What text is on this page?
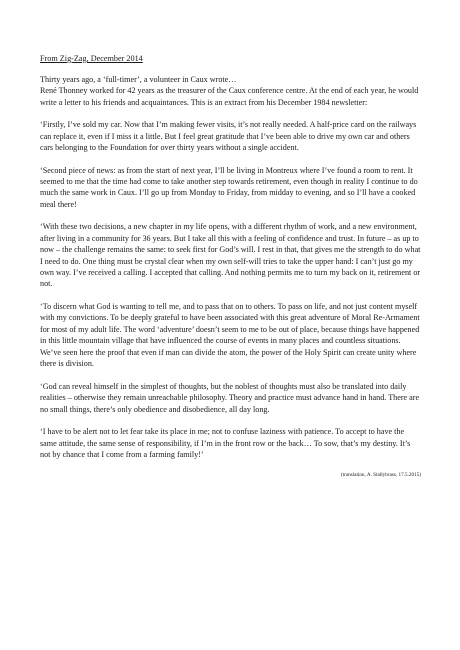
From Zig-Zag, December 2014
Thirty years ago, a ‘full-timer’, a volunteer in Caux wrote…
René Thonney worked for 42 years as the treasurer of the Caux conference centre. At the end of each year, he would write a letter to his friends and acquaintances. This is an extract from his December 1984 newsletter:
‘Firstly, I’ve sold my car. Now that I’m making fewer visits, it’s not really needed. A half-price card on the railways can replace it, even if I miss it a little. But I feel great gratitude that I’ve been able to drive my own car and others cars belonging to the Foundation for over thirty years without a single accident.
‘Second piece of news: as from the start of next year, I’ll be living in Montreux where I’ve found a room to rent. It seemed to me that the time had come to take another step towards retirement, even though in reality I continue to do much the same work in Caux. I’ll go up from Monday to Friday, from midday to evening, and so I’ll have a cooked meal there!
‘With these two decisions, a new chapter in my life opens, with a different rhythm of work, and a new environment, after living in a community for 36 years. But I take all this with a feeling of confidence and trust. In future – as up to now – the challenge remains the same: to seek first for God’s will. I rest in that, that gives me the strength to do what I need to do. One thing must be crystal clear when my own self-will tries to take the upper hand: I can’t just go my own way. I’ve received a calling. I accepted that calling. And nothing permits me to turn my back on it, retirement or not.
‘To discern what God is wanting to tell me, and to pass that on to others. To pass on life, and not just content myself with my convictions. To be deeply grateful to have been associated with this great adventure of Moral Re-Armament for most of my adult life. The word ‘adventure’ doesn’t seem to me to be out of place, because things have happened in this little mountain village that have influenced the course of events in many places and countless situations. We’ve seen here the proof that even if man can divide the atom, the power of the Holy Spirit can create unity where there is division.
‘God can reveal himself in the simplest of thoughts, but the noblest of thoughts must also be translated into daily realities – otherwise they remain unreachable philosophy. Theory and practice must advance hand in hand. There are no small things, there’s only obedience and disobedience, all day long.
‘I have to be alert not to let fear take its place in me; not to confuse laziness with patience. To accept to have the same attitude, the same sense of responsibility, if I’m in the front row or the back… To sow, that’s my destiny. It’s not by chance that I come from a farming family!’
(translation, A. Stallybrass, 17.5.2015)
